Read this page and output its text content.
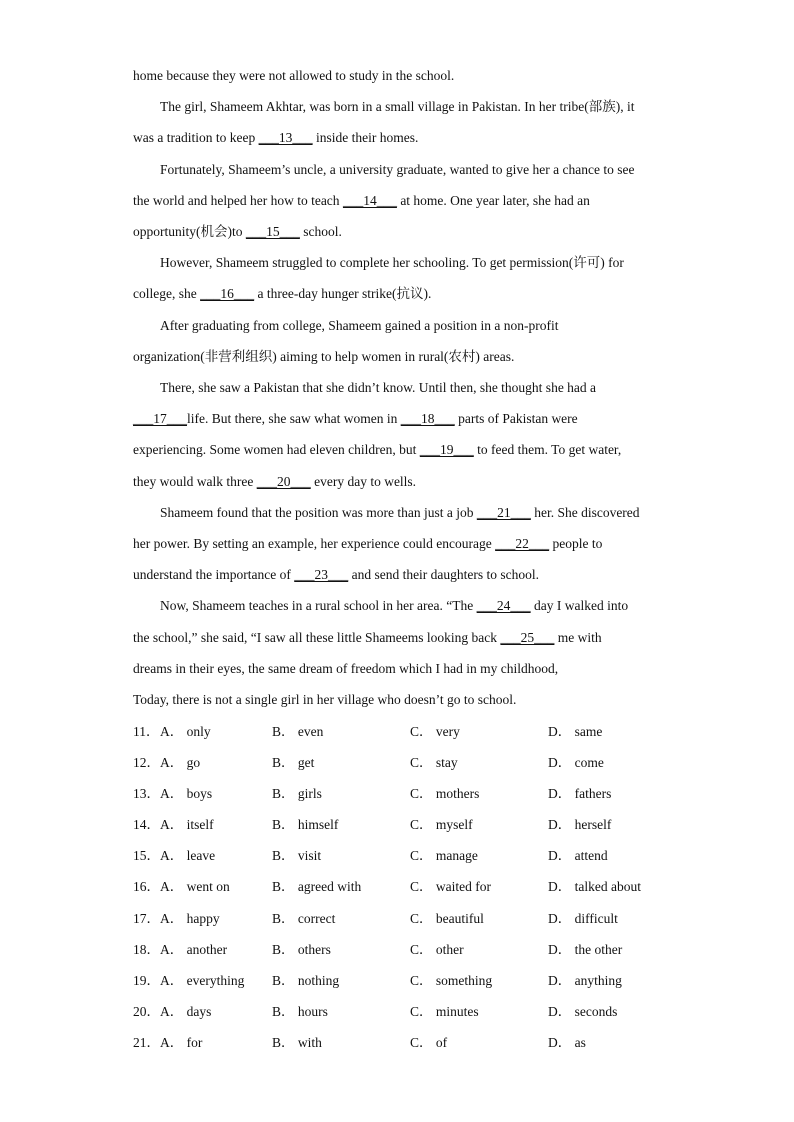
home because they were not allowed to study in the school.
The girl, Shameem Akhtar, was born in a small village in Pakistan. In her tribe(部族), it
was a tradition to keep ___13___ inside their homes.
Fortunately, Shameem’s uncle, a university graduate, wanted to give her a chance to see
the world and helped her how to teach ___14___ at home. One year later, she had an
opportunity(机会)to ___15___ school.
However, Shameem struggled to complete her schooling. To get permission(许可) for
college, she ___16___ a three-day hunger strike(抗议).
After graduating from college, Shameem gained a position in a non-profit
organization(非营利组织) aiming to help women in rural(农村) areas.
There, she saw a Pakistan that she didn’t know. Until then, she thought she had a
___17___life. But there, she saw what women in ___18___ parts of Pakistan were
experiencing. Some women had eleven children, but ___19___ to feed them. To get water,
they would walk three ___20___ every day to wells.
Shameem found that the position was more than just a job ___21___ her. She discovered
her power. By setting an example, her experience could encourage ___22___ people to
understand the importance of ___23___ and send their daughters to school.
Now, Shameem teaches in a rural school in her area. “The ___24___ day I walked into
the school,” she said, “I saw all these little Shameems looking back ___25___ me with
dreams in their eyes, the same dream of freedom which I had in my childhood,
Today, there is not a single girl in her village who doesn’t go to school.
11． A． only	B． even	C． very	D． same
12． A． go	B． get	C． stay	D． come
13． A． boys	B． girls	C． mothers	D． fathers
14． A． itself	B． himself	C． myself	D． herself
15． A． leave	B． visit	C． manage	D． attend
16． A． went on	B． agreed with	C． waited for	D． talked about
17． A． happy	B． correct	C． beautiful	D． difficult
18． A． another	B． others	C． other	D． the other
19． A． everything B． nothing	C． something	D． anything
20． A． days	B． hours	C． minutes	D． seconds
21． A． for	B． with	C． of	D． as
